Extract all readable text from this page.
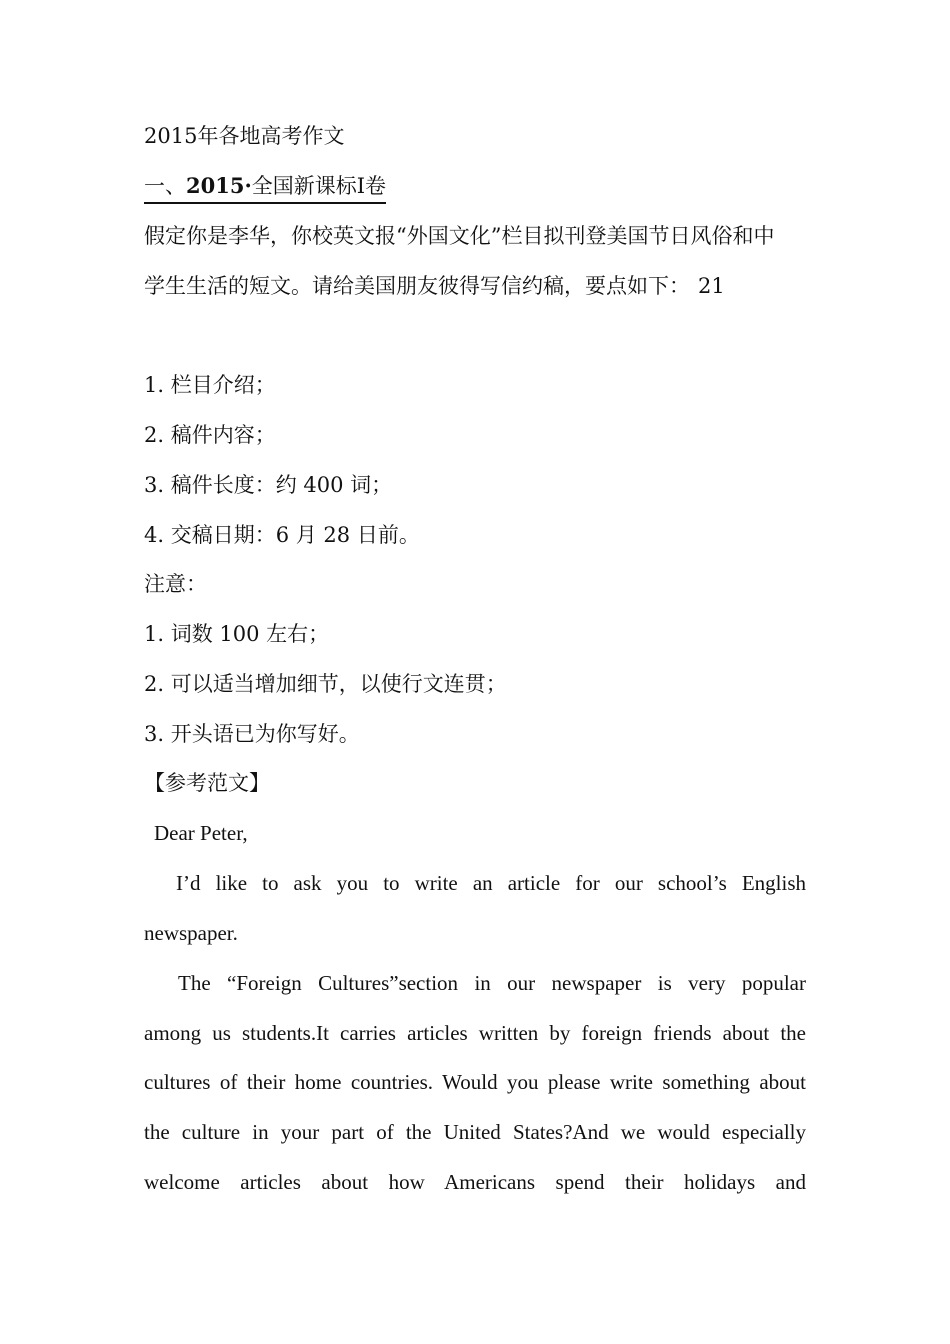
2015年各地高考作文
一、2015·全国新课标Ⅰ卷
假定你是李华，你校英文报“外国文化”栏目拟刊登美国节日风俗和中
学生生活的短文。请给美国朋友彼得写信约稿，要点如下： 21
1. 栏目介绍；
2. 稿件内容；
3. 稿件长度：约 400 词；
4. 交稿日期：6 月 28 日前。
注意：
1. 词数 100 左右；
2. 可以适当增加细节，以使行文连贯；
3. 开头语已为你写好。
【参考范文】
Dear Peter,
I’d like to ask you to write an article for our school’s English
newspaper.
The “Foreign Cultures”section in our newspaper is very popular
among us students.It carries articles written by foreign friends about the
cultures of their home countries. Would you please write something about
the culture in your part of the United States?And we would especially
welcome articles about how Americans spend their holidays and
